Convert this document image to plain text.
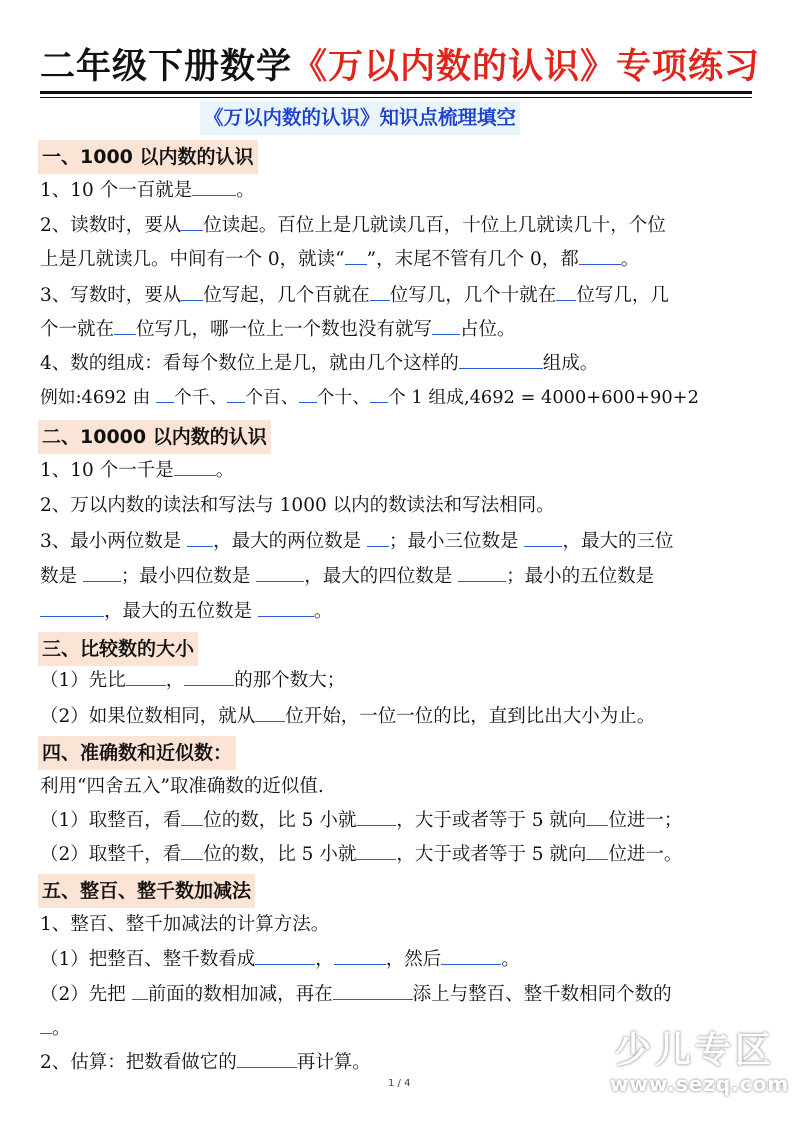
二年级下册数学《万以内数的认识》专项练习
《万以内数的认识》知识点梳理填空
一、1000 以内数的认识
1、10 个一百就是 。
2、读数时，要从 位读起。百位上是几就读几百，十位上几就读几十，个位
上是几就读几。中间有一个 0，就读“ ”，末尾不管有几个 0，都 。
3、写数时，要从 位写起，几个百就在 位写几，几个十就在 位写几，几
个一就在 位写几，哪一位上一个数也没有就写 占位。
4、数的组成：看每个数位上是几，就由几个这样的	组成。
例如:4692 由 个千、 个百、 个十、 个 1 组成,4692 = 4000+600+90+2
二、10000 以内数的认识
1、10 个一千是 。
2、万以内数的读法和写法与 1000 以内的数读法和写法相同。
3、最小两位数是 ，最大的两位数是 ；最小三位数是 ，最大的三位
数是 ；最小四位数是	，最大的四位数是	；最小的五位数是
，最大的五位数是	。
三、比较数的大小
（1）先比 ，	的那个数大；
（2）如果位数相同，就从 位开始，一位一位的比，直到比出大小为止。
四、准确数和近似数：
利用“四舍五入”取准确数的近似值.
（1）取整百，看 位的数，比 5 小就 ，大于或者等于 5 就向 位进一；
（2）取整千，看 位的数，比 5 小就 ，大于或者等于 5 就向 位进一。
五、整百、整千数加减法
1、整百、整千加减法的计算方法。
（1）把整百、整千数看成	，	，然后	。
（2）先把 前面的数相加减，再在	添上与整百、整千数相同个数的
。
2、估算：把数看做它的	再计算。
1 / 4
少儿专区
www.sezq.com
